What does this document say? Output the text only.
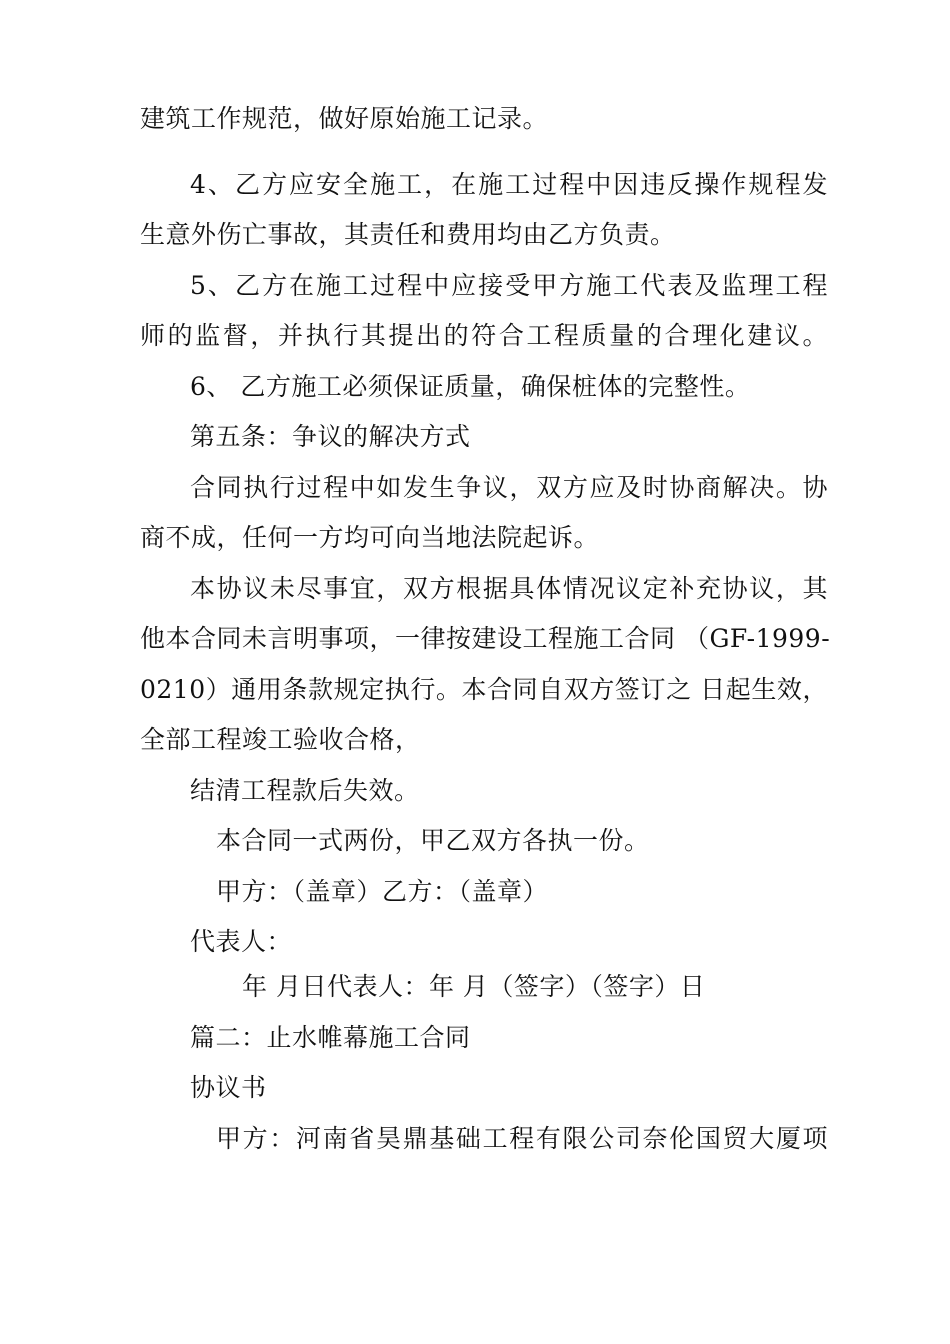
建筑工作规范，做好原始施工记录。
4、乙方应安全施工，在施工过程中因违反操作规程发
生意外伤亡事故，其责任和费用均由乙方负责。
5、乙方在施工过程中应接受甲方施工代表及监理工程
师的监督，并执行其提出的符合工程质量的合理化建议。
6、 乙方施工必须保证质量，确保桩体的完整性。
第五条：争议的解决方式
合同执行过程中如发生争议，双方应及时协商解决。协
商不成，任何一方均可向当地法院起诉。
本协议未尽事宜，双方根据具体情况议定补充协议，其
他本合同未言明事项，一律按建设工程施工合同 （GF-1999-
0210）通用条款规定执行。本合同自双方签订之 日起生效，
全部工程竣工验收合格，
结清工程款后失效。
本合同一式两份，甲乙双方各执一份。
甲方：（盖章）乙方：（盖章）
代表人：
年 月日代表人：年 月（签字）（签字）日
篇二：止水帷幕施工合同
协议书
甲方：河南省昊鼎基础工程有限公司奈伦国贸大厦项
